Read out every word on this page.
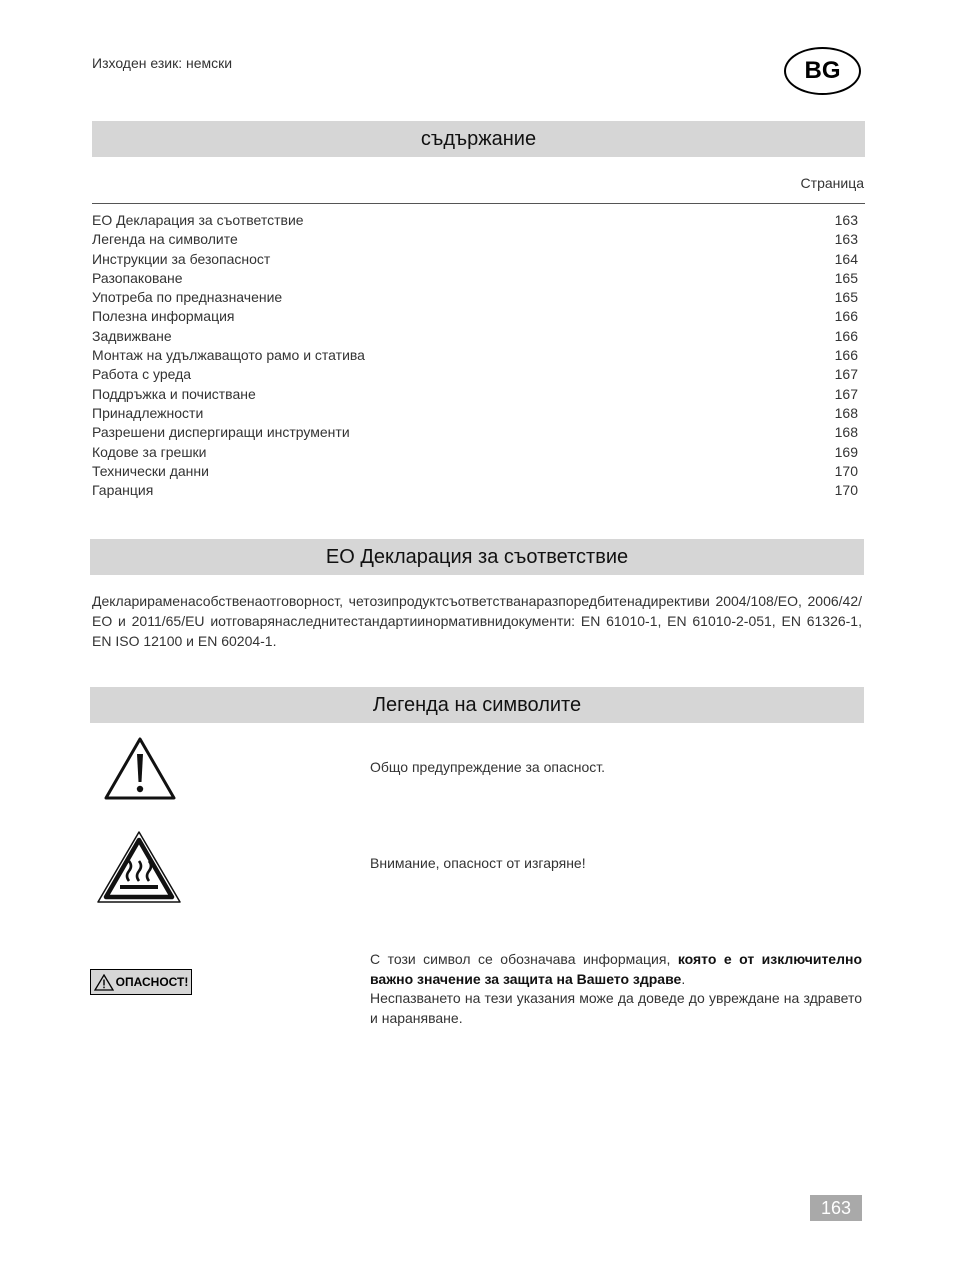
Изходен език: немски	BG
съдържание
Страница
ЕО Декларация за съответствие	163
Легенда на символите	163
Инструкции за безопасност	164
Разопаковане	165
Употреба по предназначение	165
Полезна информация	166
Задвижване	166
Монтаж на удължаващото рамо и статива	166
Работа с уреда	167
Поддръжка и почистване	167
Принадлежности	168
Разрешени диспергиращи инструменти	168
Кодове за грешки	169
Технически данни	170
Гаранция	170
ЕО Декларация за съответствие
Декларираменасобственаотговорност, четозипродуктсъответстванаразпоредбитенадирективи 2004/108/ЕО, 2006/42/ЕО и 2011/65/EU иотговарянаследнитестандартиинормативнидокументи: EN 61010-1, EN 61010-2-051, EN 61326-1, EN ISO 12100 и EN 60204-1.
Легенда на символите
Общо предупреждение за опасност.
Внимание, опасност от изгаряне!
ОПАСНОСТ!
С този символ се обозначава информация, която е от изключително важно значение за защита на Вашето здраве.
Неспазването на тези указания може да доведе до увреждане на здравето и нараняване.
163
